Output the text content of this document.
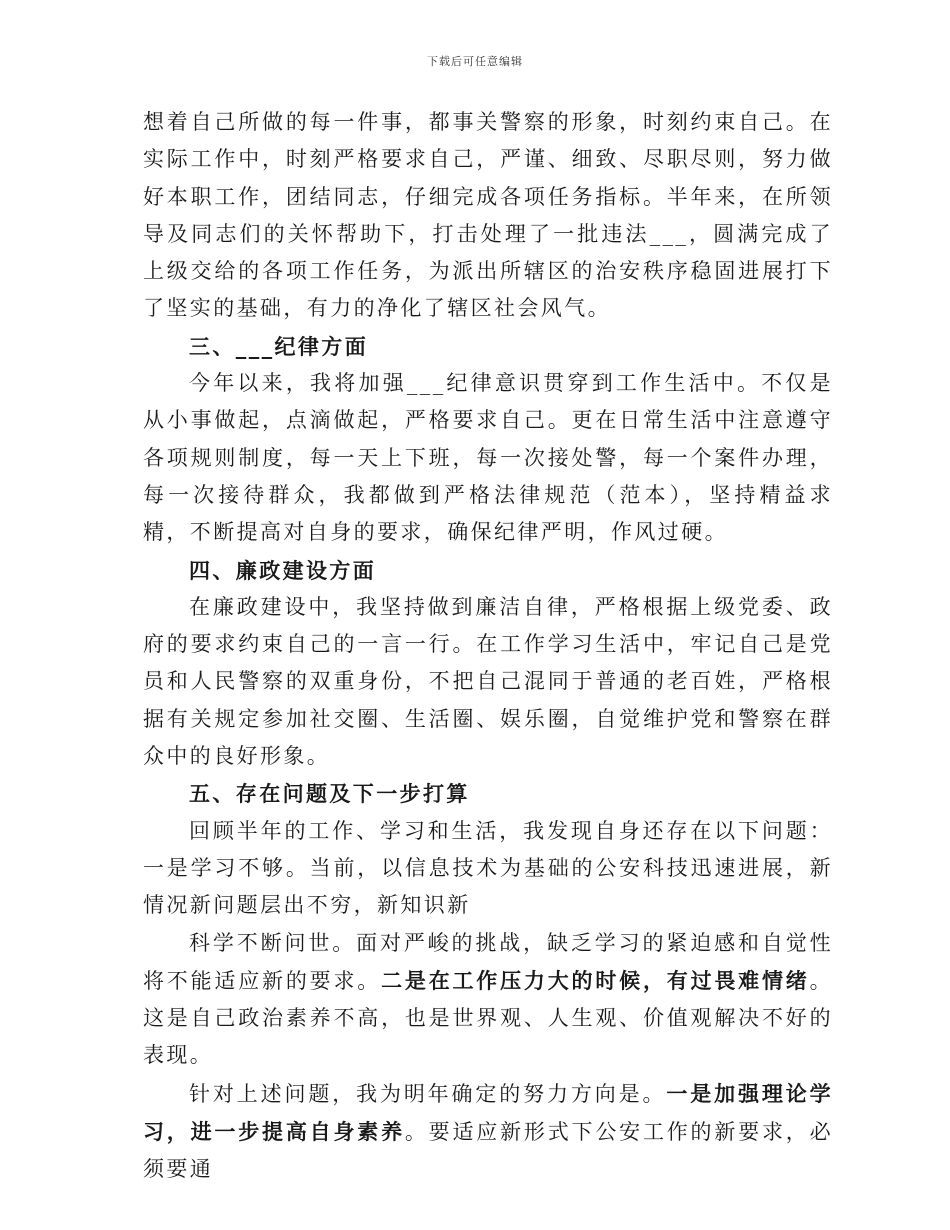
下载后可任意编辑

想着自己所做的每一件事，都事关警察的形象，时刻约束自己。在实际工作中，时刻严格要求自己，严谨、细致、尽职尽则，努力做好本职工作，团结同志，仔细完成各项任务指标。半年来，在所领导及同志们的关怀帮助下，打击处理了一批违法___，圆满完成了上级交给的各项工作任务，为派出所辖区的治安秩序稳固进展打下了坚实的基础，有力的净化了辖区社会风气。

三、___纪律方面

今年以来，我将加强___纪律意识贯穿到工作生活中。不仅是从小事做起，点滴做起，严格要求自己。更在日常生活中注意遵守各项规则制度，每一天上下班，每一次接处警，每一个案件办理，每一次接待群众，我都做到严格法律规范（范本），坚持精益求精，不断提高对自身的要求，确保纪律严明，作风过硬。

四、廉政建设方面

在廉政建设中，我坚持做到廉洁自律，严格根据上级党委、政府的要求约束自己的一言一行。在工作学习生活中，牢记自己是党员和人民警察的双重身份，不把自己混同于普通的老百姓，严格根据有关规定参加社交圈、生活圈、娱乐圈，自觉维护党和警察在群众中的良好形象。

五、存在问题及下一步打算

回顾半年的工作、学习和生活，我发现自身还存在以下问题：一是学习不够。当前，以信息技术为基础的公安科技迅速进展，新情况新问题层出不穷，新知识新

科学不断问世。面对严峻的挑战，缺乏学习的紧迫感和自觉性将不能适应新的要求。二是在工作压力大的时候，有过畏难情绪。这是自己政治素养不高，也是世界观、人生观、价值观解决不好的表现。

针对上述问题，我为明年确定的努力方向是。一是加强理论学习，进一步提高自身素养。要适应新形式下公安工作的新要求，必须要通
